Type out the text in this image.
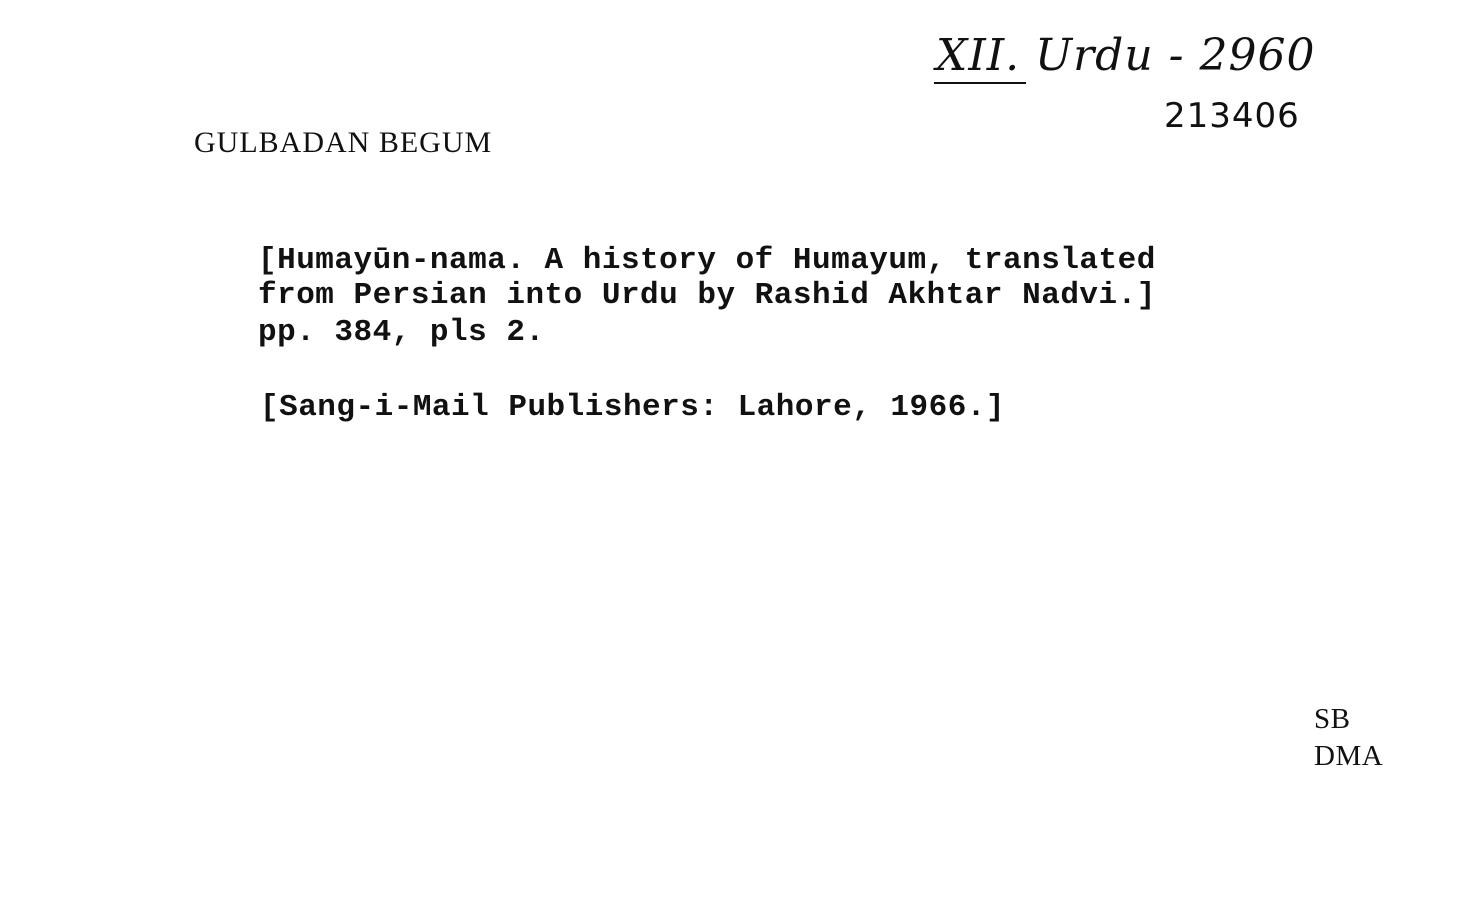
XII. Urdu - 2960
213406
GULBADAN BEGUM
[Humayūn-nama. A history of Humayum, translated
from Persian into Urdu by Rashid Akhtar Nadvi.]
pp. 384, pls 2.
[Sang-i-Mail Publishers: Lahore, 1966.]
SB
DMA
